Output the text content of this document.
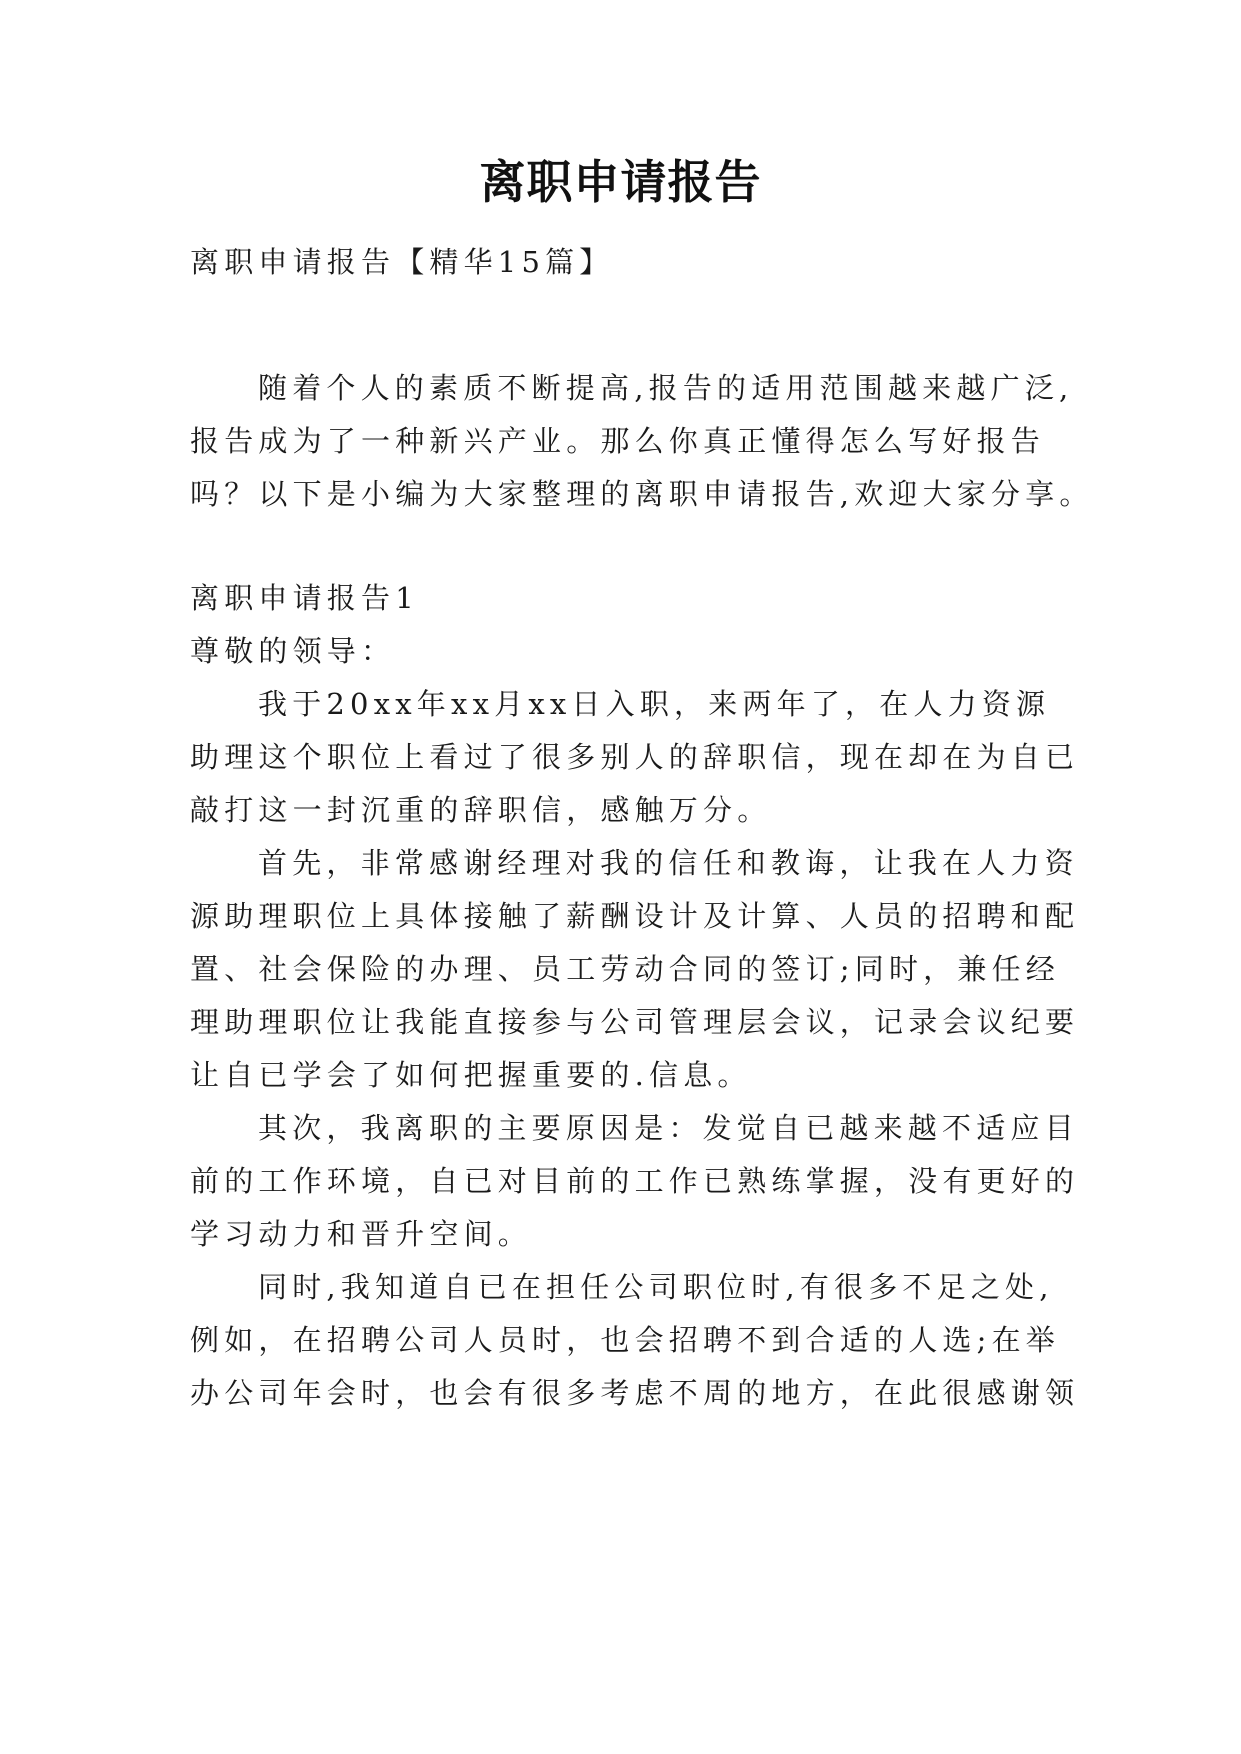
离职申请报告
离职申请报告【精华15篇】
随着个人的素质不断提高,报告的适用范围越来越广泛,
报告成为了一种新兴产业。那么你真正懂得怎么写好报告
吗？以下是小编为大家整理的离职申请报告,欢迎大家分享。
离职申请报告1
尊敬的领导：
我于20xx年xx月xx日入职，来两年了，在人力资源
助理这个职位上看过了很多别人的辞职信，现在却在为自已
敲打这一封沉重的辞职信，感触万分。
首先，非常感谢经理对我的信任和教诲，让我在人力资
源助理职位上具体接触了薪酬设计及计算、人员的招聘和配
置、社会保险的办理、员工劳动合同的签订;同时，兼任经
理助理职位让我能直接参与公司管理层会议，记录会议纪要
让自已学会了如何把握重要的.信息。
其次，我离职的主要原因是：发觉自已越来越不适应目
前的工作环境，自已对目前的工作已熟练掌握，没有更好的
学习动力和晋升空间。
同时,我知道自已在担任公司职位时,有很多不足之处,
例如，在招聘公司人员时，也会招聘不到合适的人选;在举
办公司年会时，也会有很多考虑不周的地方，在此很感谢领
